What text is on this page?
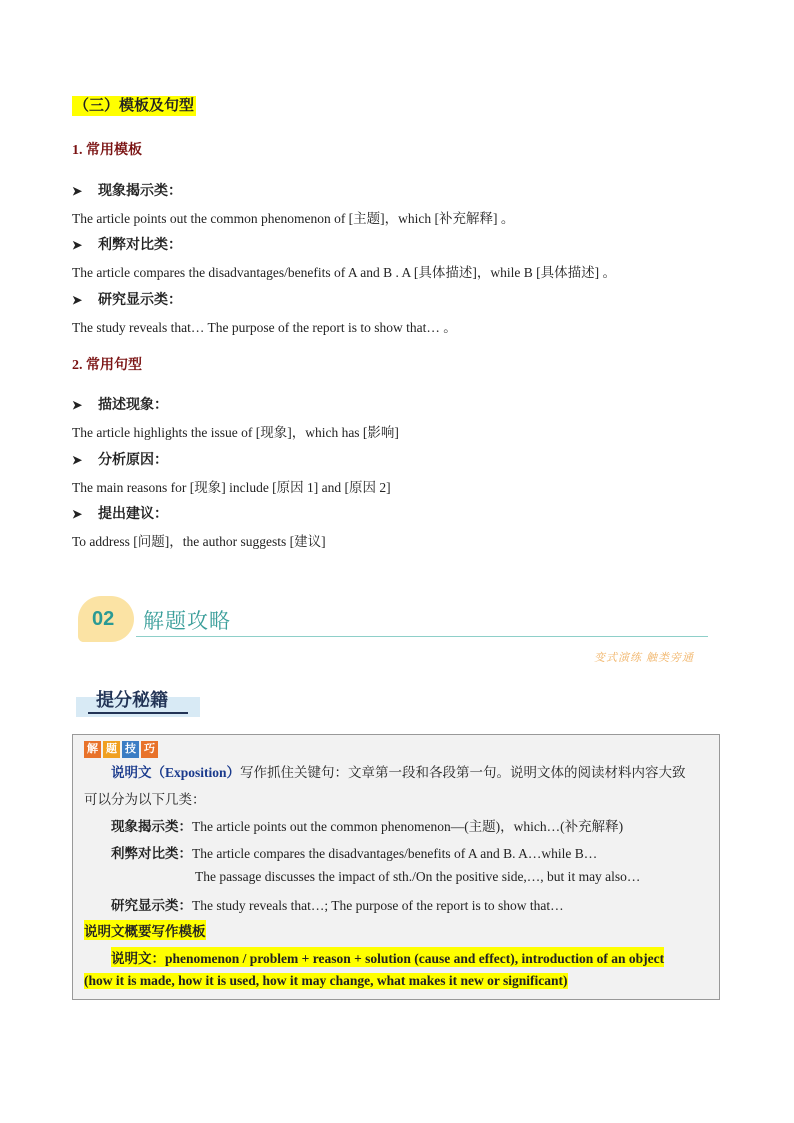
（三）模板及句型
1. 常用模板
➤ 现象揭示类：
The article points out the common phenomenon of [主题]，which [补充解释] 。
➤ 利弊对比类：
The article compares the disadvantages/benefits of A and B . A [具体描述]，while B [具体描述] 。
➤ 研究显示类：
The study reveals that… The purpose of the report is to show that… 。
2. 常用句型
➤ 描述现象：
The article highlights the issue of [现象]，which has [影响]
➤ 分析原因：
The main reasons for [现象] include [原因 1] and [原因 2]
➤ 提出建议：
To address [问题]，the author suggests [建议]
02 解题攻略
变式演练 触类旁通
提分秘籍
解 题 技 巧
说明文（Exposition）写作抓住关键句：文章第一段和各段第一句。说明文体的阅读材料内容大致
可以分为以下几类：
现象揭示类：The article points out the common phenomenon—(主题)，which…(补充解释)
利弊对比类：The article compares the disadvantages/benefits of A and B. A…while B…
The passage discusses the impact of sth./On the positive side,…, but it may also…
研究显示类：The study reveals that…; The purpose of the report is to show that…
说明文概要写作模板
说明文：phenomenon / problem + reason + solution (cause and effect), introduction of an object
(how it is made, how it is used, how it may change, what makes it new or significant)
